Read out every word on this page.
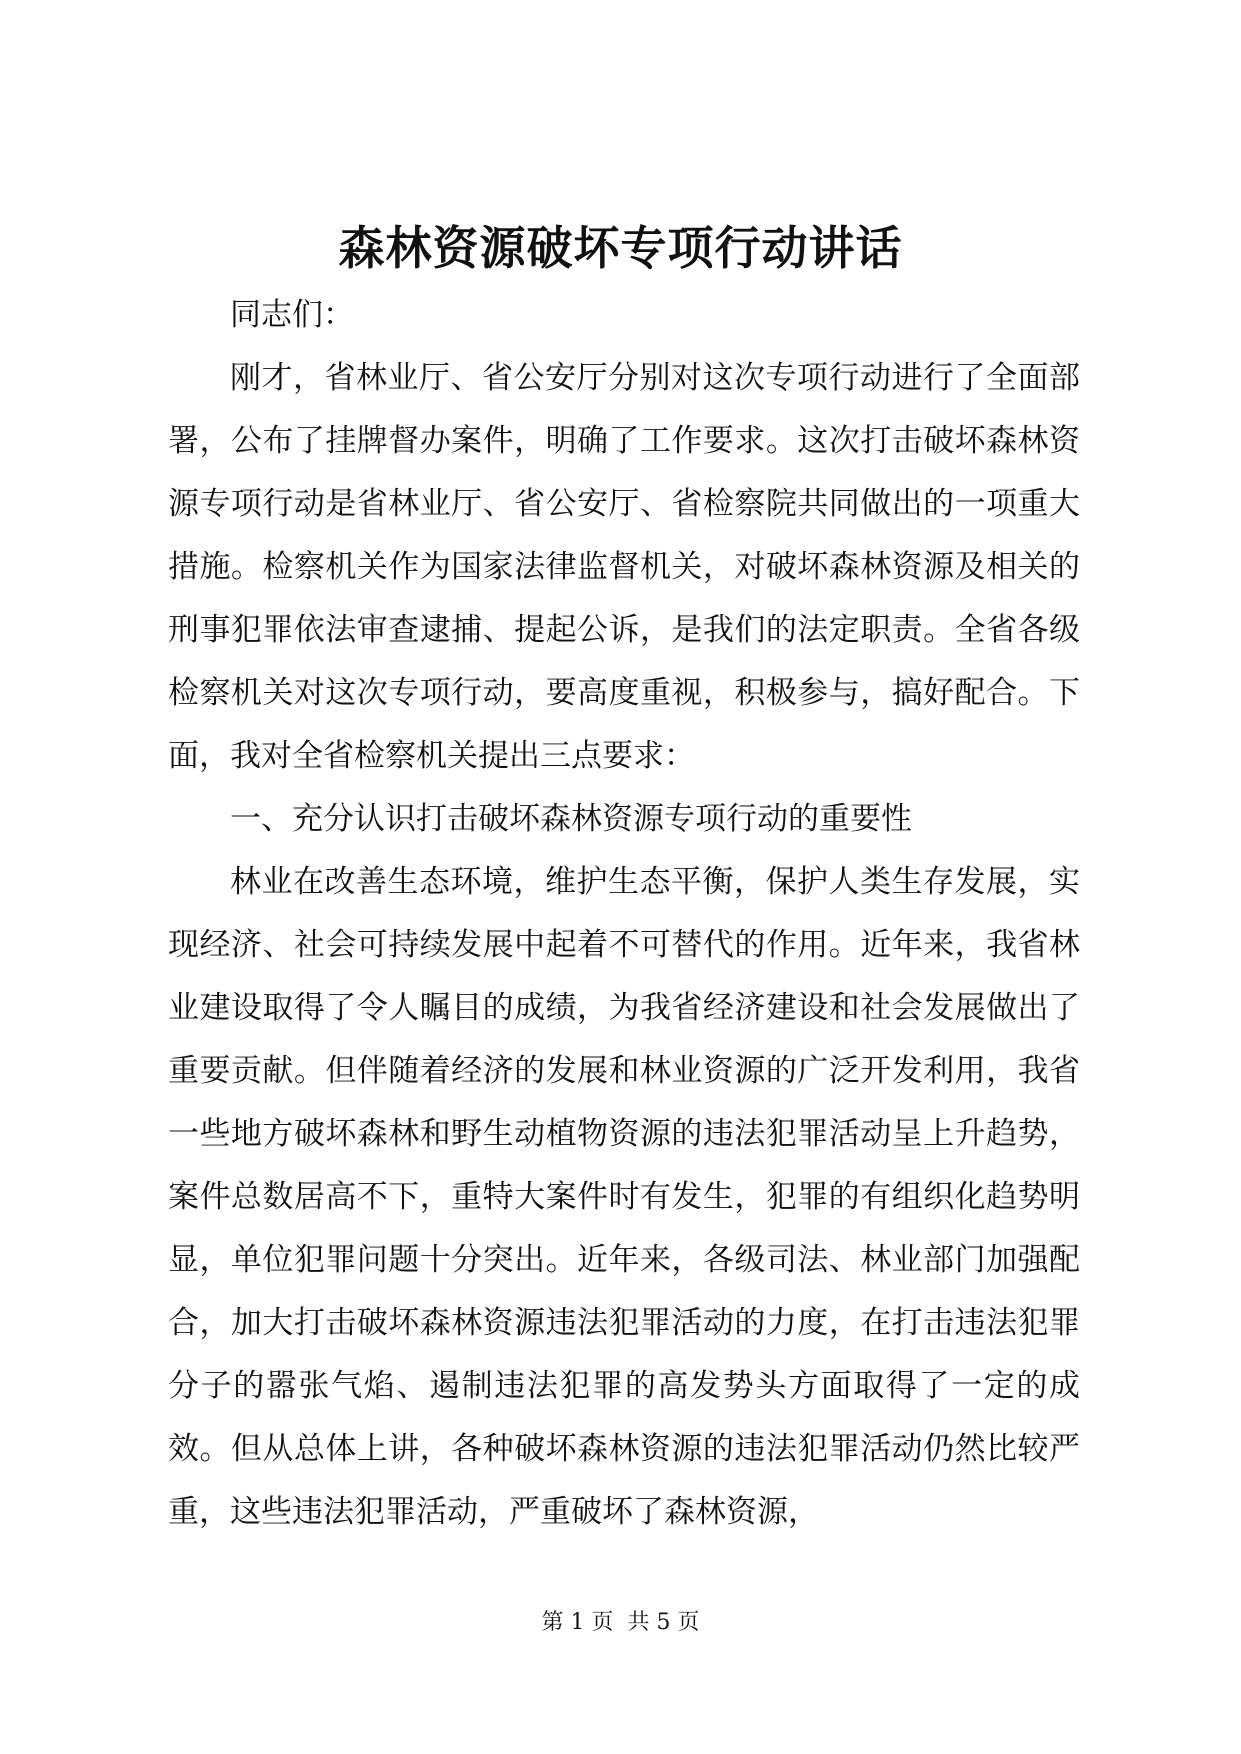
森林资源破坏专项行动讲话

同志们：

刚才，省林业厅、省公安厅分别对这次专项行动进行了全面部署，公布了挂牌督办案件，明确了工作要求。这次打击破坏森林资源专项行动是省林业厅、省公安厅、省检察院共同做出的一项重大措施。检察机关作为国家法律监督机关，对破坏森林资源及相关的刑事犯罪依法审查逮捕、提起公诉，是我们的法定职责。全省各级检察机关对这次专项行动，要高度重视，积极参与，搞好配合。下面，我对全省检察机关提出三点要求：

一、充分认识打击破坏森林资源专项行动的重要性

林业在改善生态环境，维护生态平衡，保护人类生存发展，实现经济、社会可持续发展中起着不可替代的作用。近年来，我省林业建设取得了令人瞩目的成绩，为我省经济建设和社会发展做出了重要贡献。但伴随着经济的发展和林业资源的广泛开发利用，我省一些地方破坏森林和野生动植物资源的违法犯罪活动呈上升趋势，案件总数居高不下，重特大案件时有发生，犯罪的有组织化趋势明显，单位犯罪问题十分突出。近年来，各级司法、林业部门加强配合，加大打击破坏森林资源违法犯罪活动的力度，在打击违法犯罪分子的嚣张气焰、遏制违法犯罪的高发势头方面取得了一定的成效。但从总体上讲，各种破坏森林资源的违法犯罪活动仍然比较严重，这些违法犯罪活动，严重破坏了森林资源，

第 1 页  共 5 页
